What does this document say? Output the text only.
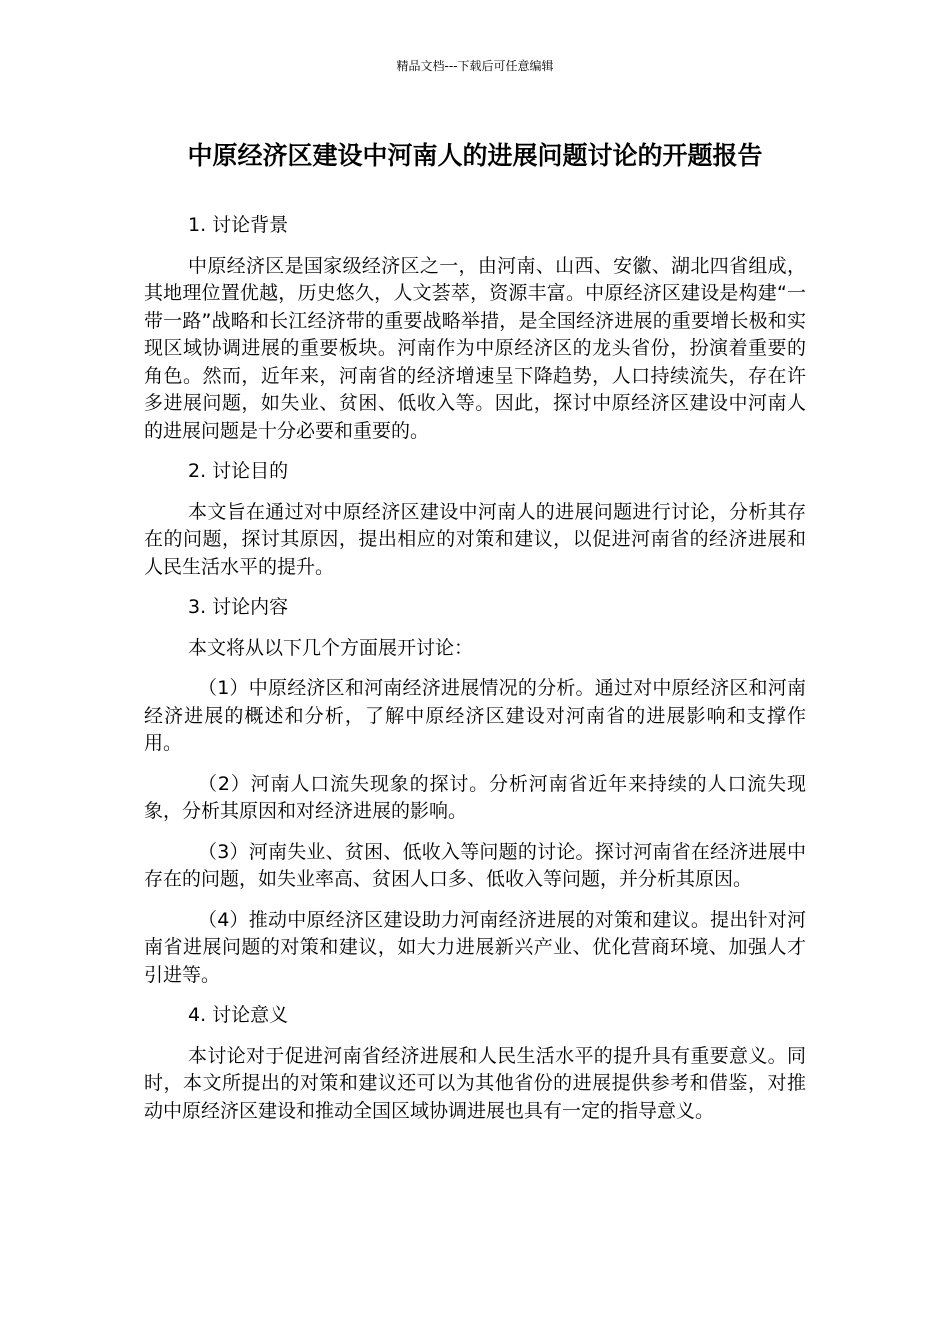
精品文档---下载后可任意编辑
中原经济区建设中河南人的进展问题讨论的开题报告

1. 讨论背景

中原经济区是国家级经济区之一，由河南、山西、安徽、湖北四省组成，其地理位置优越，历史悠久，人文荟萃，资源丰富。中原经济区建设是构建“一带一路”战略和长江经济带的重要战略举措，是全国经济进展的重要增长极和实现区域协调进展的重要板块。河南作为中原经济区的龙头省份，扮演着重要的角色。然而，近年来，河南省的经济增速呈下降趋势，人口持续流失，存在许多进展问题，如失业、贫困、低收入等。因此，探讨中原经济区建设中河南人的进展问题是十分必要和重要的。

2. 讨论目的

本文旨在通过对中原经济区建设中河南人的进展问题进行讨论，分析其存在的问题，探讨其原因，提出相应的对策和建议，以促进河南省的经济进展和人民生活水平的提升。

3. 讨论内容

本文将从以下几个方面展开讨论：

（1）中原经济区和河南经济进展情况的分析。通过对中原经济区和河南经济进展的概述和分析，了解中原经济区建设对河南省的进展影响和支撑作用。

（2）河南人口流失现象的探讨。分析河南省近年来持续的人口流失现象，分析其原因和对经济进展的影响。

（3）河南失业、贫困、低收入等问题的讨论。探讨河南省在经济进展中存在的问题，如失业率高、贫困人口多、低收入等问题，并分析其原因。

（4）推动中原经济区建设助力河南经济进展的对策和建议。提出针对河南省进展问题的对策和建议，如大力进展新兴产业、优化营商环境、加强人才引进等。

4. 讨论意义

本讨论对于促进河南省经济进展和人民生活水平的提升具有重要意义。同时，本文所提出的对策和建议还可以为其他省份的进展提供参考和借鉴，对推动中原经济区建设和推动全国区域协调进展也具有一定的指导意义。
